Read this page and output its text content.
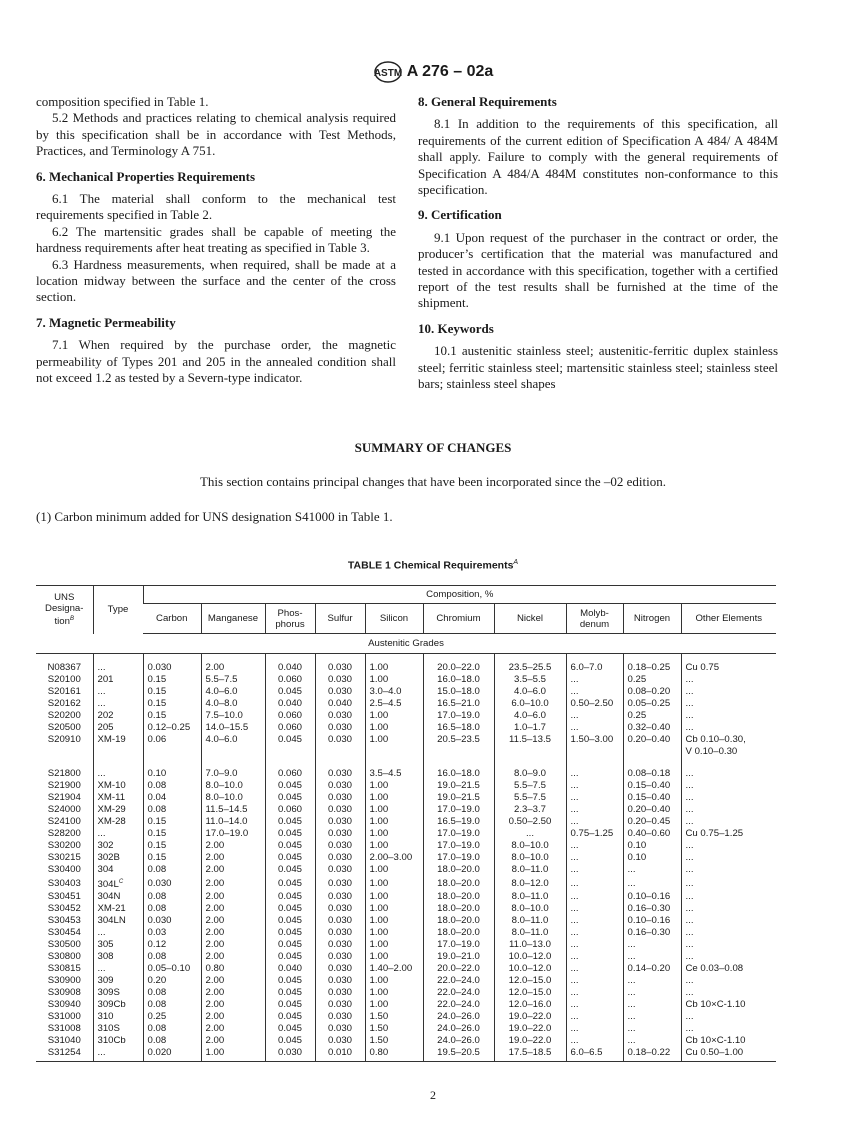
ASTM A 276 – 02a

composition specified in Table 1.

5.2 Methods and practices relating to chemical analysis required by this specification shall be in accordance with Test Methods, Practices, and Terminology A 751.

6. Mechanical Properties Requirements

6.1 The material shall conform to the mechanical test requirements specified in Table 2.

6.2 The martensitic grades shall be capable of meeting the hardness requirements after heat treating as specified in Table 3.

6.3 Hardness measurements, when required, shall be made at a location midway between the surface and the center of the cross section.

7. Magnetic Permeability

7.1 When required by the purchase order, the magnetic permeability of Types 201 and 205 in the annealed condition shall not exceed 1.2 as tested by a Severn-type indicator.

8. General Requirements

8.1 In addition to the requirements of this specification, all requirements of the current edition of Specification A 484/ A 484M shall apply. Failure to comply with the general requirements of Specification A 484/A 484M constitutes non-conformance to this specification.

9. Certification

9.1 Upon request of the purchaser in the contract or order, the producer’s certification that the material was manufactured and tested in accordance with this specification, together with a certified report of the test results shall be furnished at the time of the shipment.

10. Keywords

10.1 austenitic stainless steel; austenitic-ferritic duplex stainless steel; ferritic stainless steel; martensitic stainless steel; stainless steel bars; stainless steel shapes

SUMMARY OF CHANGES
This section contains principal changes that have been incorporated since the –02 edition.
(1) Carbon minimum added for UNS designation S41000 in Table 1.
TABLE 1 Chemical Requirements$^A$
UNS Designa- tion$^B$	Type	Composition, %									
		Carbon	Manganese	Phos- phorus	Sulfur	Silicon	Chromium	Nickel	Molyb- denum	Nitrogen	Other Elements
Austenitic Grades											
N08367	...	0.030	2.00	0.040	0.030	1.00	20.0–22.0	23.5–25.5	6.0–7.0	0.18–0.25	Cu 0.75
S20100	201	0.15	5.5–7.5	0.060	0.030	1.00	16.0–18.0	3.5–5.5	...	0.25	...
S20161	...	0.15	4.0–6.0	0.045	0.030	3.0–4.0	15.0–18.0	4.0–6.0	...	0.08–0.20	...
S20162	...	0.15	4.0–8.0	0.040	0.040	2.5–4.5	16.5–21.0	6.0–10.0	0.50–2.50	0.05–0.25	...
S20200	202	0.15	7.5–10.0	0.060	0.030	1.00	17.0–19.0	4.0–6.0	...	0.25	...
S20500	205	0.12–0.25	14.0–15.5	0.060	0.030	1.00	16.5–18.0	1.0–1.7	...	0.32–0.40	...
S20910	XM-19	0.06	4.0–6.0	0.045	0.030	1.00	20.5–23.5	11.5–13.5	1.50–3.00	0.20–0.40	Cb 0.10–0.30,
											V 0.10–0.30

S21800	...	0.10	7.0–9.0	0.060	0.030	3.5–4.5	16.0–18.0	8.0–9.0	...	0.08–0.18	...
S21900	XM-10	0.08	8.0–10.0	0.045	0.030	1.00	19.0–21.5	5.5–7.5	...	0.15–0.40	...
S21904	XM-11	0.04	8.0–10.0	0.045	0.030	1.00	19.0–21.5	5.5–7.5	...	0.15–0.40	...
S24000	XM-29	0.08	11.5–14.5	0.060	0.030	1.00	17.0–19.0	2.3–3.7	...	0.20–0.40	...
S24100	XM-28	0.15	11.0–14.0	0.045	0.030	1.00	16.5–19.0	0.50–2.50	...	0.20–0.45	...
S28200	...	0.15	17.0–19.0	0.045	0.030	1.00	17.0–19.0	...	0.75–1.25	0.40–0.60	Cu 0.75–1.25
S30200	302	0.15	2.00	0.045	0.030	1.00	17.0–19.0	8.0–10.0	...	0.10	...
S30215	302B	0.15	2.00	0.045	0.030	2.00–3.00	17.0–19.0	8.0–10.0	...	0.10	...
S30400	304	0.08	2.00	0.045	0.030	1.00	18.0–20.0	8.0–11.0	...	...	...
S30403	$304L^C$	0.030	2.00	0.045	0.030	1.00	18.0–20.0	8.0–12.0	...	...	...
S30451	304N	0.08	2.00	0.045	0.030	1.00	18.0–20.0	8.0–11.0	...	0.10–0.16	...
S30452	XM-21	0.08	2.00	0.045	0.030	1.00	18.0–20.0	8.0–10.0	...	0.16–0.30	...
S30453	304LN	0.030	2.00	0.045	0.030	1.00	18.0–20.0	8.0–11.0	...	0.10–0.16	...
S30454	...	0.03	2.00	0.045	0.030	1.00	18.0–20.0	8.0–11.0	...	0.16–0.30	...
S30500	305	0.12	2.00	0.045	0.030	1.00	17.0–19.0	11.0–13.0	...	...	...
S30800	308	0.08	2.00	0.045	0.030	1.00	19.0–21.0	10.0–12.0	...	...	...
S30815	...	0.05–0.10	0.80	0.040	0.030	1.40–2.00	20.0–22.0	10.0–12.0	...	0.14–0.20	Ce 0.03–0.08
S30900	309	0.20	2.00	0.045	0.030	1.00	22.0–24.0	12.0–15.0	...	...	...
S30908	309S	0.08	2.00	0.045	0.030	1.00	22.0–24.0	12.0–15.0	...	...	...
S30940	309Cb	0.08	2.00	0.045	0.030	1.00	22.0–24.0	12.0–16.0	...	...	Cb 10×C-1.10
S31000	310	0.25	2.00	0.045	0.030	1.50	24.0–26.0	19.0–22.0	...	...	...
S31008	310S	0.08	2.00	0.045	0.030	1.50	24.0–26.0	19.0–22.0	...	...	...
S31040	310Cb	0.08	2.00	0.045	0.030	1.50	24.0–26.0	19.0–22.0	...	...	Cb 10×C-1.10
S31254	...	0.020	1.00	0.030	0.010	0.80	19.5–20.5	17.5–18.5	6.0–6.5	0.18–0.22	Cu 0.50–1.00
2
